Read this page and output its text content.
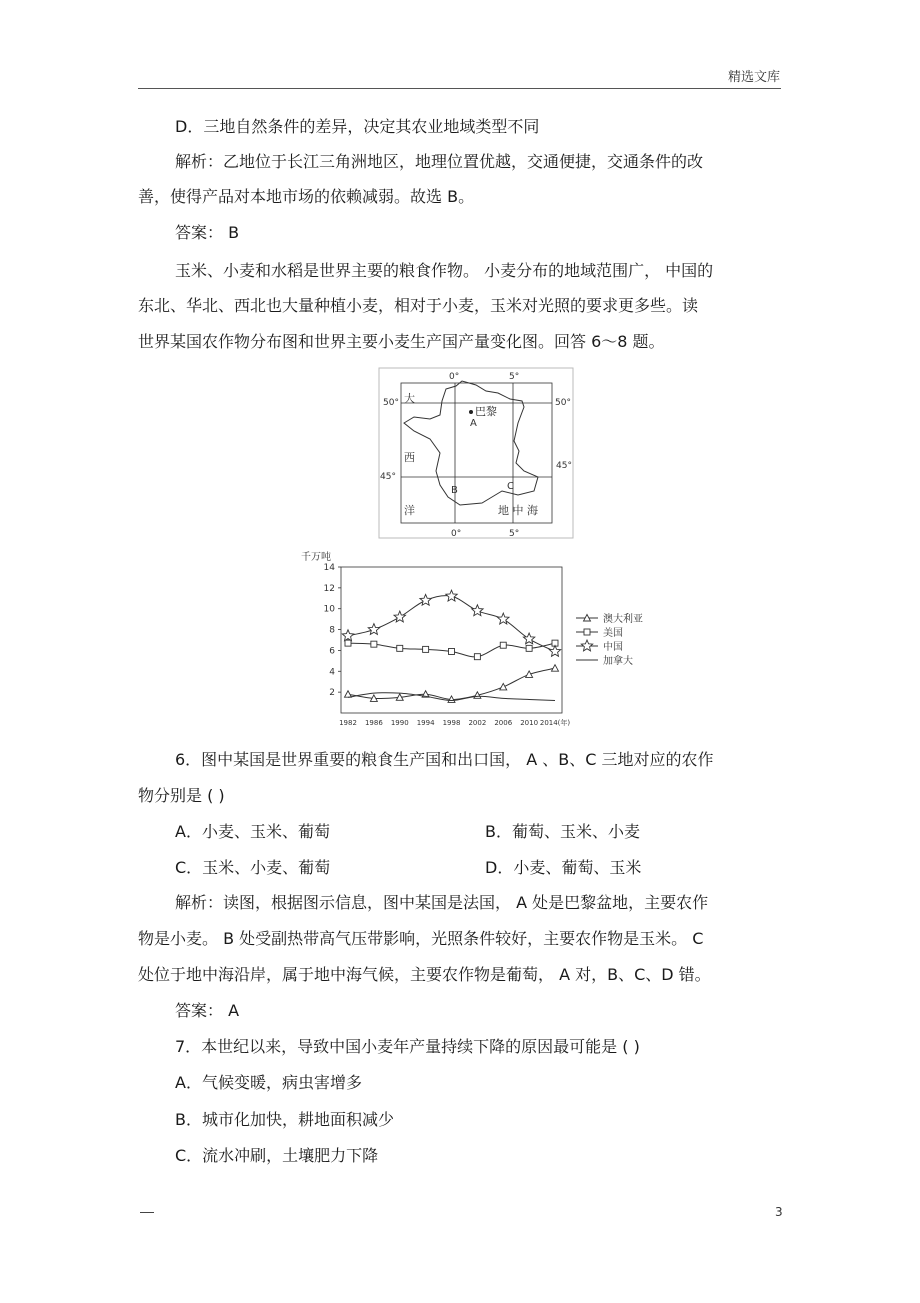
精选文库
D．三地自然条件的差异，决定其农业地域类型不同
解析：乙地位于长江三角洲地区，地理位置优越，交通便捷，交通条件的改
善，使得产品对本地市场的依赖减弱。故选 B。
答案： B
玉米、小麦和水稻是世界主要的粮食作物。 小麦分布的地域范围广， 中国的
东北、华北、西北也大量种植小麦，相对于小麦，玉米对光照的要求更多些。读
世界某国农作物分布图和世界主要小麦生产国产量变化图。回答 6～8 题。
50°	50°
45°
45°
0°	5°
0°	5°
大
西
洋
巴黎
A
B	C
地 中 海
千万吨
2
4
6
8
10
12
14
1982 1986 1990 1994 1998 2002 2006 2010 2014(年)
澳大利亚
美国
中国
加拿大
6．图中某国是世界重要的粮食生产国和出口国， A 、B、C 三地对应的农作
物分别是 ( )
A．小麦、玉米、葡萄	B．葡萄、玉米、小麦
C．玉米、小麦、葡萄	D．小麦、葡萄、玉米
解析：读图，根据图示信息，图中某国是法国， A 处是巴黎盆地，主要农作
物是小麦。 B 处受副热带高气压带影响，光照条件较好，主要农作物是玉米。 C
处位于地中海沿岸，属于地中海气候，主要农作物是葡萄， A 对，B、C、D 错。
答案： A
7．本世纪以来，导致中国小麦年产量持续下降的原因最可能是 ( )
A．气候变暖，病虫害增多
B．城市化加快，耕地面积减少
C．流水冲刷，土壤肥力下降
3
